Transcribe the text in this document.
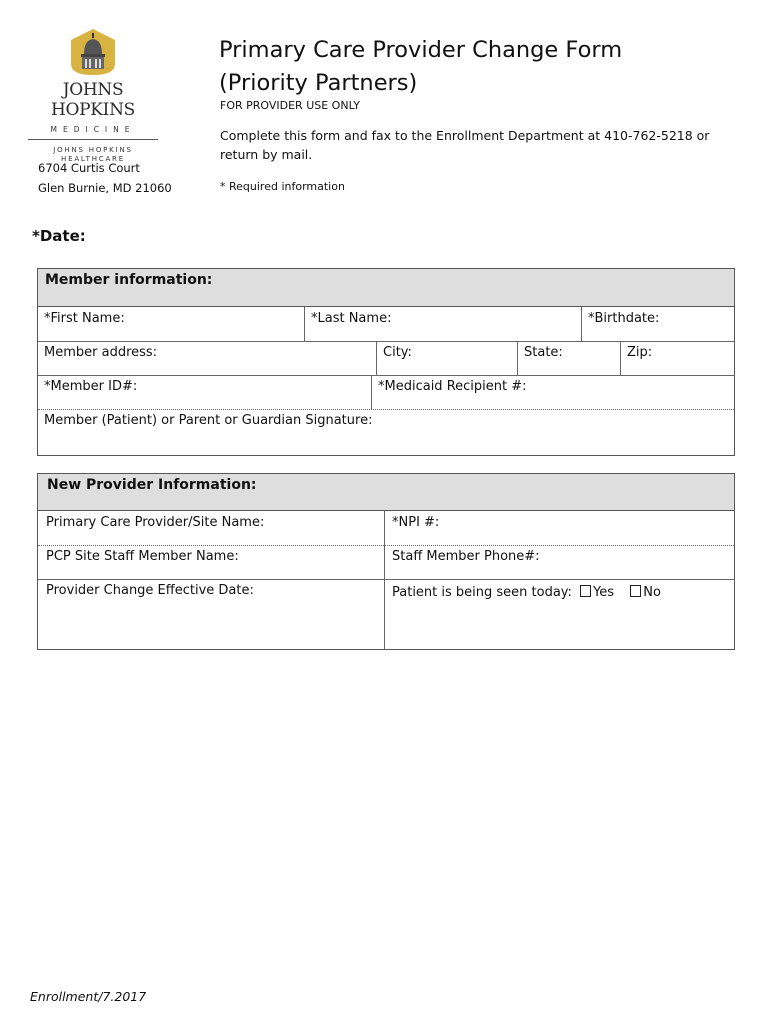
JOHNS HOPKINS
MEDICINE
JOHNS HOPKINS
HEALTHCARE
6704 Curtis Court
Glen Burnie, MD 21060
Primary Care Provider Change Form
(Priority Partners)
FOR PROVIDER USE ONLY
Complete this form and fax to the Enrollment Department at 410-762-5218 or return by mail.
* Required information
*Date:
Member information:
*First Name:	*Last Name:	*Birthdate:
Member address:	City:	State:	Zip:
*Member ID#:	*Medicaid Recipient #:
Member (Patient) or Parent or Guardian Signature:
New Provider Information:
Primary Care Provider/Site Name:	*NPI #:
PCP Site Staff Member Name:	Staff Member Phone#:
Provider Change Effective Date:	Patient is being seen today: Yes No
Enrollment/7.2017
